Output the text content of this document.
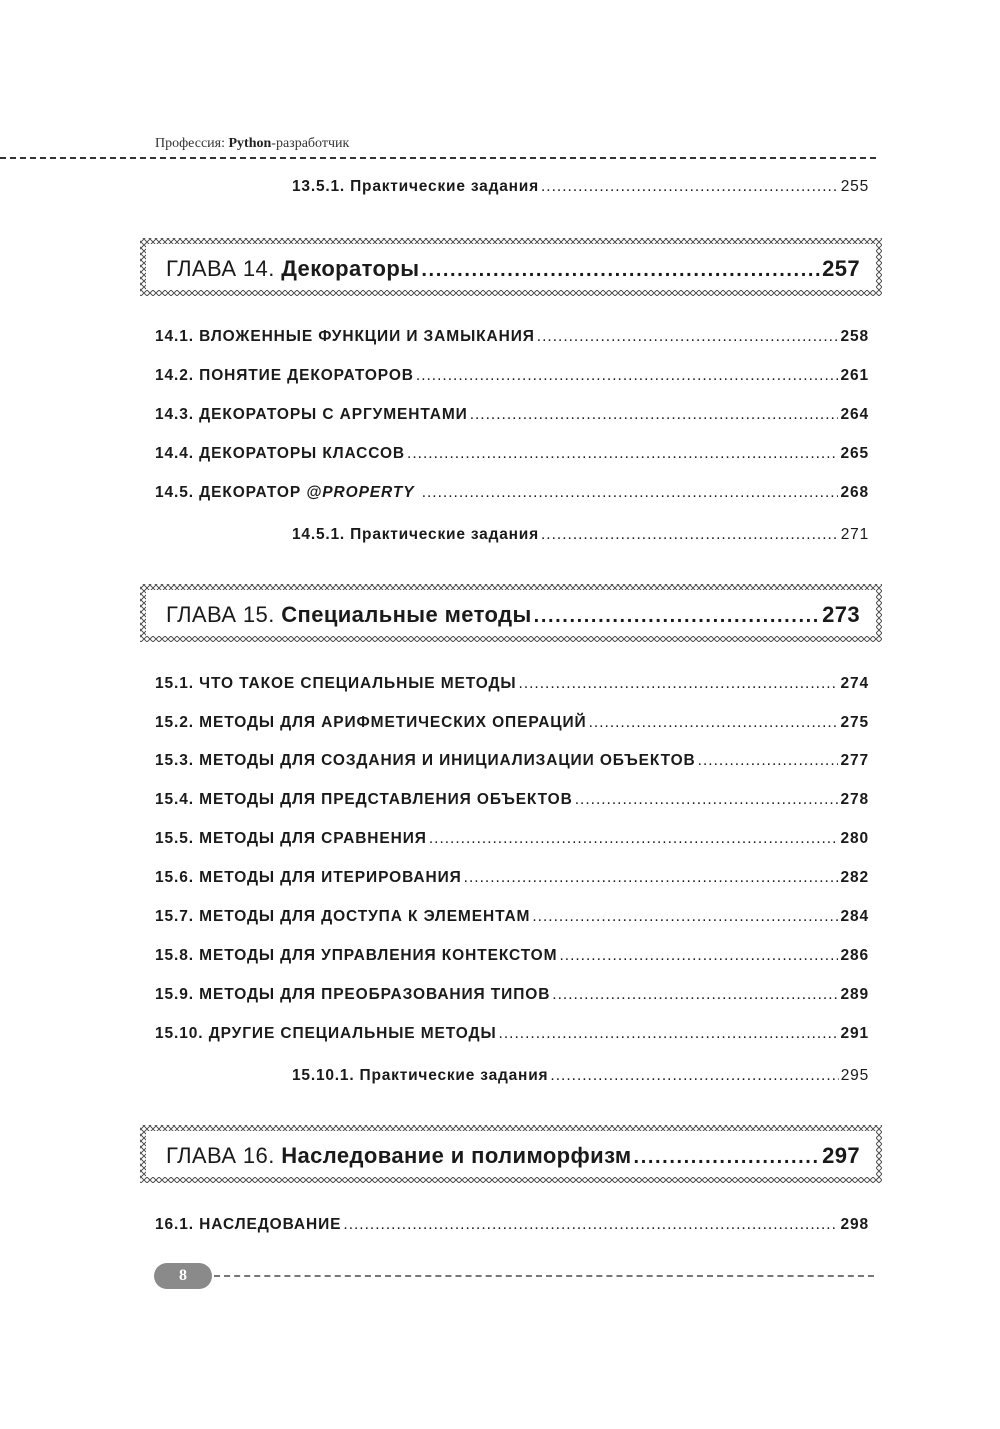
Профессия: Python-разработчик
13.5.1. Практические задания .....	255
ГЛАВА 14. Декораторы .....	257
14.1. ВЛОЖЕННЫЕ ФУНКЦИИ И ЗАМЫКАНИЯ .....	258
14.2. ПОНЯТИЕ ДЕКОРАТОРОВ .....	261
14.3. ДЕКОРАТОРЫ С АРГУМЕНТАМИ .....	264
14.4. ДЕКОРАТОРЫ КЛАССОВ .....	265
14.5. ДЕКОРАТОР @PROPERTY .....	268
14.5.1. Практические задания .....	271
ГЛАВА 15. Специальные методы .....	273
15.1. ЧТО ТАКОЕ СПЕЦИАЛЬНЫЕ МЕТОДЫ .....	274
15.2. МЕТОДЫ ДЛЯ АРИФМЕТИЧЕСКИХ ОПЕРАЦИЙ .....	275
15.3. МЕТОДЫ ДЛЯ СОЗДАНИЯ И ИНИЦИАЛИЗАЦИИ ОБЪЕКТОВ .....	277
15.4. МЕТОДЫ ДЛЯ ПРЕДСТАВЛЕНИЯ ОБЪЕКТОВ .....	278
15.5. МЕТОДЫ ДЛЯ СРАВНЕНИЯ .....	280
15.6. МЕТОДЫ ДЛЯ ИТЕРИРОВАНИЯ .....	282
15.7. МЕТОДЫ ДЛЯ ДОСТУПА К ЭЛЕМЕНТАМ .....	284
15.8. МЕТОДЫ ДЛЯ УПРАВЛЕНИЯ КОНТЕКСТОМ .....	286
15.9. МЕТОДЫ ДЛЯ ПРЕОБРАЗОВАНИЯ ТИПОВ .....	289
15.10. ДРУГИЕ СПЕЦИАЛЬНЫЕ МЕТОДЫ .....	291
15.10.1. Практические задания .....	295
ГЛАВА 16. Наследование и полиморфизм .....	297
16.1. НАСЛЕДОВАНИЕ .....	298
8
